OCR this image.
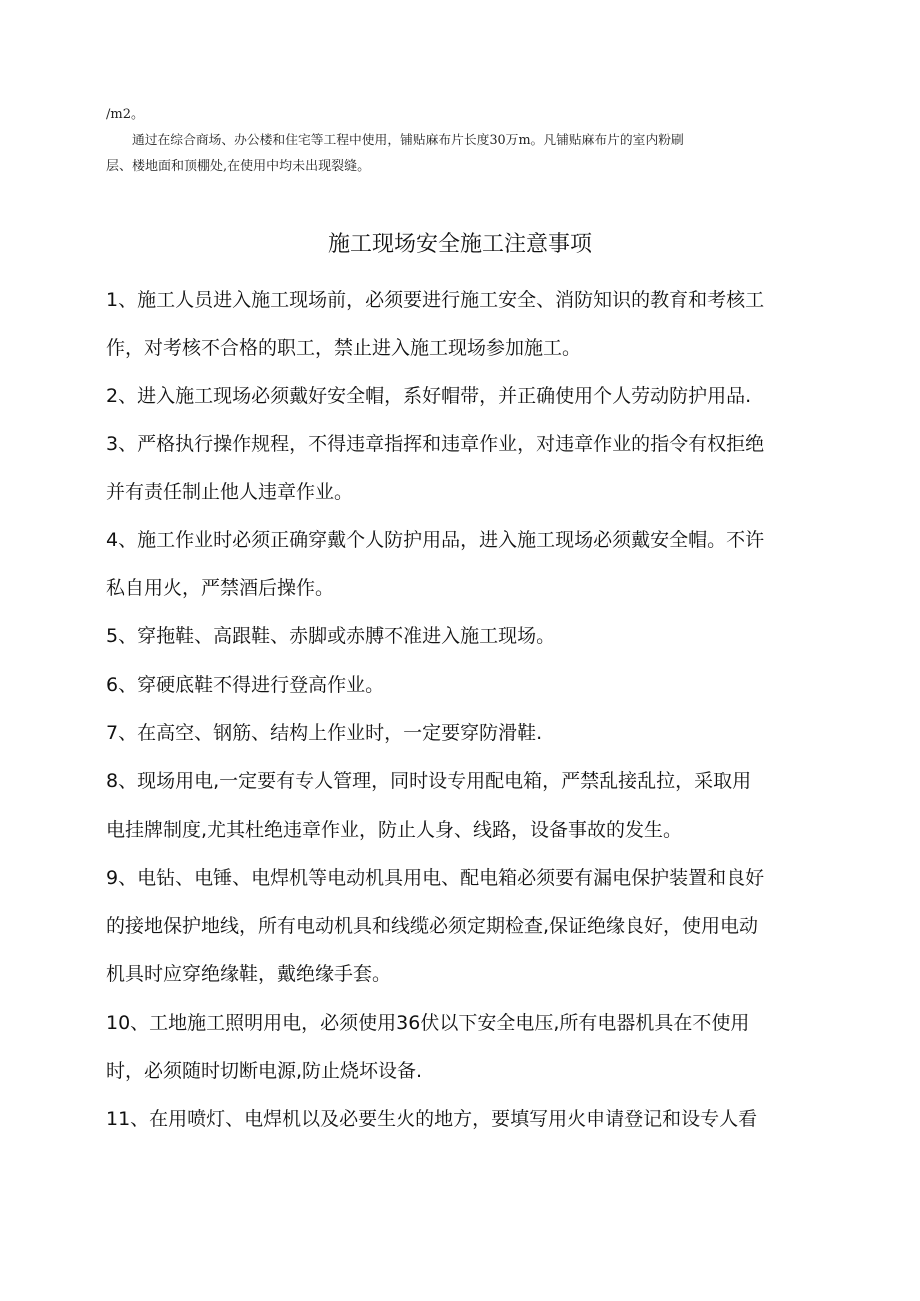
/m2。
通过在综合商场、办公楼和住宅等工程中使用，铺贴麻布片长度30万m。凡铺贴麻布片的室内粉刷
层、楼地面和顶棚处,在使用中均未出现裂缝。
施工现场安全施工注意事项
1、施工人员进入施工现场前，必须要进行施工安全、消防知识的教育和考核工
作，对考核不合格的职工，禁止进入施工现场参加施工。
2、进入施工现场必须戴好安全帽，系好帽带，并正确使用个人劳动防护用品.
3、严格执行操作规程，不得违章指挥和违章作业，对违章作业的指令有权拒绝
并有责任制止他人违章作业。
4、施工作业时必须正确穿戴个人防护用品，进入施工现场必须戴安全帽。不许
私自用火，严禁酒后操作。
5、穿拖鞋、高跟鞋、赤脚或赤膊不准进入施工现场。
6、穿硬底鞋不得进行登高作业。
7、在高空、钢筋、结构上作业时，一定要穿防滑鞋.
8、现场用电,一定要有专人管理，同时设专用配电箱，严禁乱接乱拉，采取用
电挂牌制度,尤其杜绝违章作业，防止人身、线路，设备事故的发生。
9、电钻、电锤、电焊机等电动机具用电、配电箱必须要有漏电保护装置和良好
的接地保护地线，所有电动机具和线缆必须定期检查,保证绝缘良好，使用电动
机具时应穿绝缘鞋，戴绝缘手套。
10、工地施工照明用电，必须使用36伏以下安全电压,所有电器机具在不使用
时，必须随时切断电源,防止烧坏设备.
11、在用喷灯、电焊机以及必要生火的地方，要填写用火申请登记和设专人看
